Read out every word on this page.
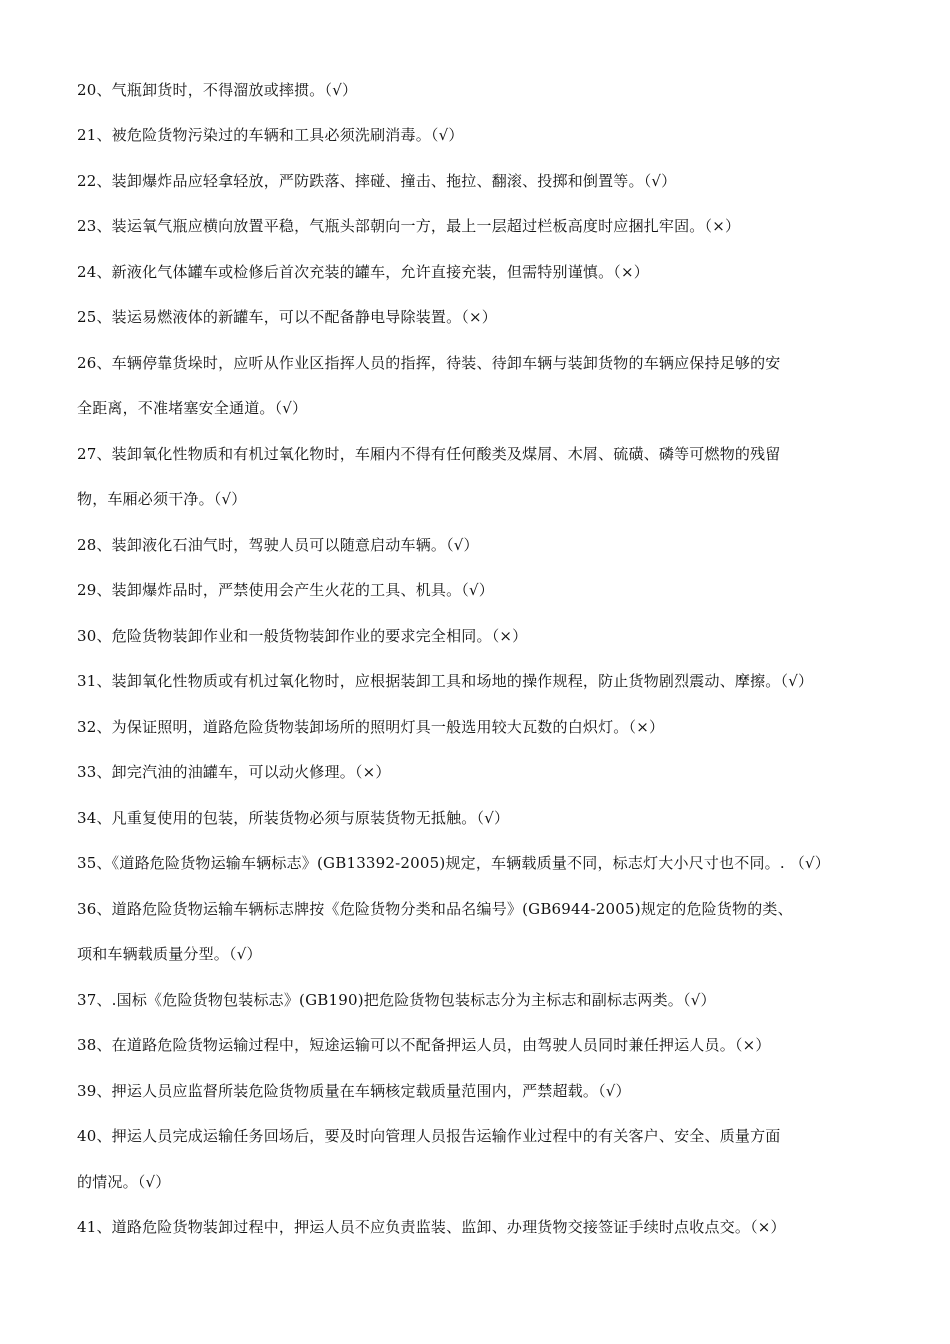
20、气瓶卸货时，不得溜放或摔掼。（√）
21、被危险货物污染过的车辆和工具必须洗刷消毒。（√）
22、装卸爆炸品应轻拿轻放，严防跌落、摔碰、撞击、拖拉、翻滚、投掷和倒置等。（√）
23、装运氧气瓶应横向放置平稳，气瓶头部朝向一方，最上一层超过栏板高度时应捆扎牢固。（×）
24、新液化气体罐车或检修后首次充装的罐车，允许直接充装，但需特别谨慎。（×）
25、装运易燃液体的新罐车，可以不配备静电导除装置。（×）
26、车辆停靠货垛时，应听从作业区指挥人员的指挥，待装、待卸车辆与装卸货物的车辆应保持足够的安
全距离，不准堵塞安全通道。（√）
27、装卸氧化性物质和有机过氧化物时，车厢内不得有任何酸类及煤屑、木屑、硫磺、磷等可燃物的残留
物，车厢必须干净。（√）
28、装卸液化石油气时，驾驶人员可以随意启动车辆。（√）
29、装卸爆炸品时，严禁使用会产生火花的工具、机具。（√）
30、危险货物装卸作业和一般货物装卸作业的要求完全相同。（×）
31、装卸氧化性物质或有机过氧化物时，应根据装卸工具和场地的操作规程，防止货物剧烈震动、摩擦。（√）
32、为保证照明，道路危险货物装卸场所的照明灯具一般选用较大瓦数的白炽灯。（×）
33、卸完汽油的油罐车，可以动火修理。（×）
34、凡重复使用的包装，所装货物必须与原装货物无抵触。（√）
35、《道路危险货物运输车辆标志》(GB13392-2005)规定，车辆载质量不同，标志灯大小尺寸也不同。. （√）
36、道路危险货物运输车辆标志牌按《危险货物分类和品名编号》(GB6944-2005)规定的危险货物的类、
项和车辆载质量分型。（√）
37、.国标《危险货物包装标志》(GB190)把危险货物包装标志分为主标志和副标志两类。（√）
38、在道路危险货物运输过程中，短途运输可以不配备押运人员，由驾驶人员同时兼任押运人员。（×）
39、押运人员应监督所装危险货物质量在车辆核定载质量范围内，严禁超载。（√）
40、押运人员完成运输任务回场后，要及时向管理人员报告运输作业过程中的有关客户、安全、质量方面
的情况。（√）
41、道路危险货物装卸过程中，押运人员不应负责监装、监卸、办理货物交接签证手续时点收点交。（×）
